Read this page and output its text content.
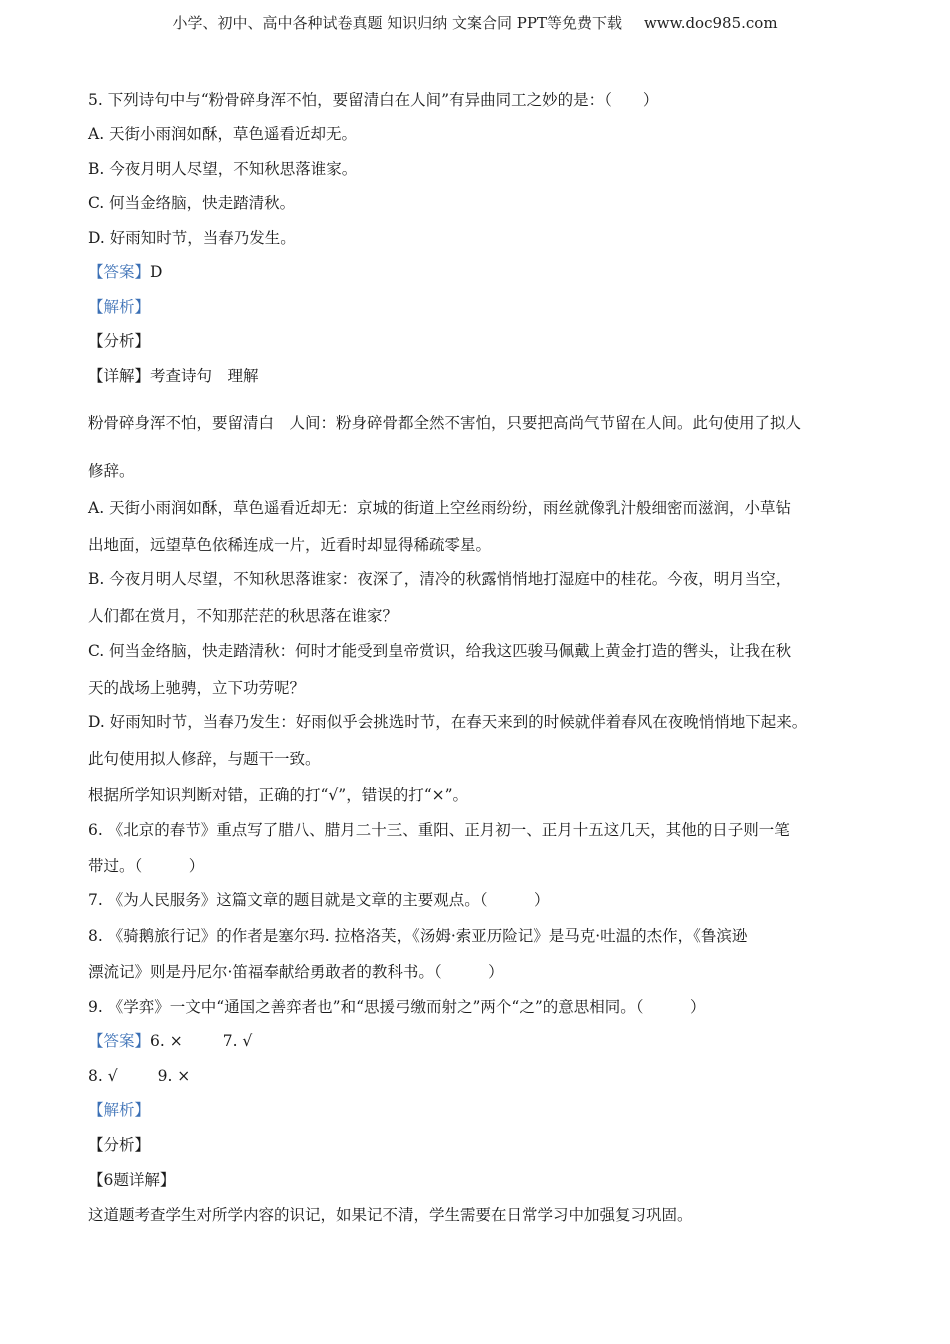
小学、初中、高中各种试卷真题 知识归纳 文案合同 PPT等免费下载 www.doc985.com
5. 下列诗句中与“粉骨碎身浑不怕，要留清白在人间”有异曲同工之妙的是：（　　）
A. 天街小雨润如酥，草色遥看近却无。
B. 今夜月明人尽望，不知秋思落谁家。
C. 何当金络脑，快走踏清秋。
D. 好雨知时节，当春乃发生。
【答案】D
【解析】
【分析】
【详解】考查诗句　理解
粉骨碎身浑不怕，要留清白　人间：粉身碎骨都全然不害怕，只要把高尚气节留在人间。此句使用了拟人
修辞。
A. 天街小雨润如酥，草色遥看近却无：京城的街道上空丝雨纷纷，雨丝就像乳汁般细密而滋润，小草钻
出地面，远望草色依稀连成一片，近看时却显得稀疏零星。
B. 今夜月明人尽望，不知秋思落谁家：夜深了，清冷的秋露悄悄地打湿庭中的桂花。今夜，明月当空，
人们都在赏月，不知那茫茫的秋思落在谁家？
C. 何当金络脑，快走踏清秋：何时才能受到皇帝赏识，给我这匹骏马佩戴上黄金打造的辔头，让我在秋
天的战场上驰骋，立下功劳呢？
D. 好雨知时节，当春乃发生：好雨似乎会挑选时节，在春天来到的时候就伴着春风在夜晚悄悄地下起来。
此句使用拟人修辞，与题干一致。
根据所学知识判断对错，正确的打“√”，错误的打“×”。
6. 《北京的春节》重点写了腊八、腊月二十三、重阳、正月初一、正月十五这几天，其他的日子则一笔
带过。（　　　）
7. 《为人民服务》这篇文章的题目就是文章的主要观点。（　　　）
8. 《骑鹅旅行记》的作者是塞尔玛. 拉格洛芙，《汤姆·索亚历险记》是马克·吐温的杰作，《鲁滨逊
漂流记》则是丹尼尔·笛福奉献给勇敢者的教科书。（　　　）
9. 《学弈》一文中“通国之善弈者也”和“思援弓缴而射之”两个“之”的意思相同。（　　　）
【答案】6. ×	7. √
8. √	9. ×
【解析】
【分析】
【6题详解】
这道题考查学生对所学内容的识记，如果记不清，学生需要在日常学习中加强复习巩固。
